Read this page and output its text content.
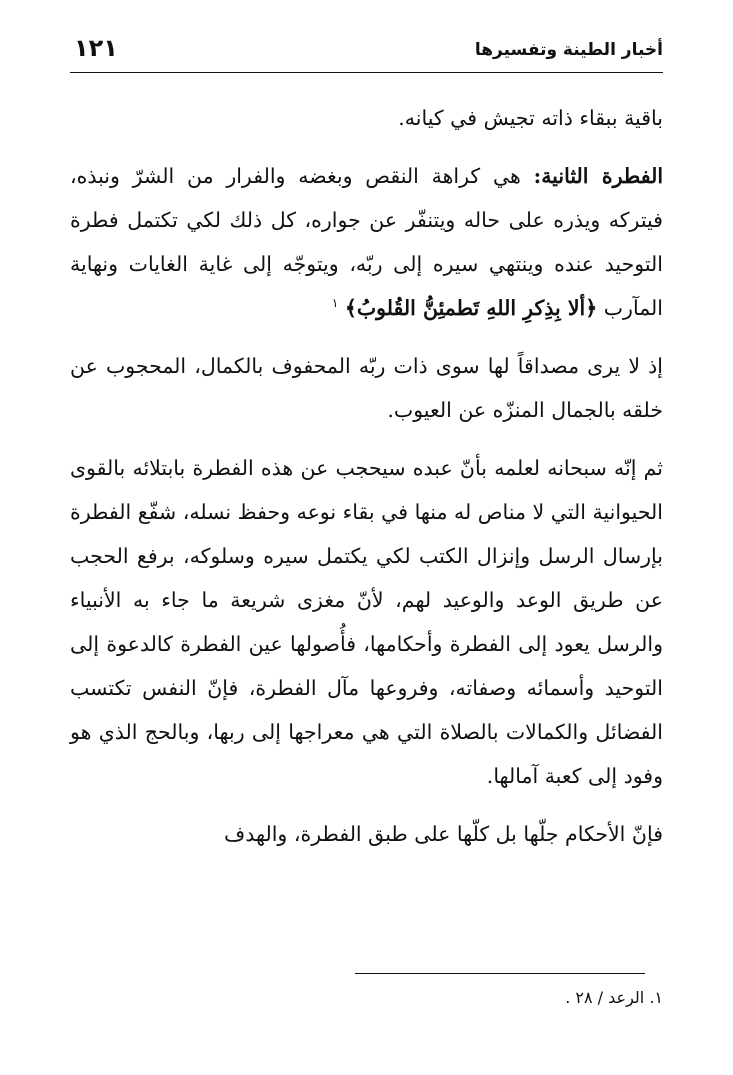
أخبار الطينة وتفسيرها
١٢١

باقية ببقاء ذاته تجيش في كيانه.

الفطرة الثانية: هي كراهة النقص وبغضه والفرار من الشرّ ونبذه، فيتركه ويذره على حاله ويتنفّر عن جواره، كل ذلك لكي تكتمل فطرة التوحيد عنده وينتهي سيره إلى ربّه، ويتوجّه إلى غاية الغايات ونهاية المآرب ﴿ألا بِذِكرِ اللهِ تَطمئِنُّ القُلوبُ﴾ $^١$

إذ لا يرى مصداقاً لها سوى ذات ربّه المحفوف بالكمال، المحجوب عن خلقه بالجمال المنزّه عن العيوب.

ثم إنّه سبحانه لعلمه بأنّ عبده سيحجب عن هذه الفطرة بابتلائه بالقوى الحيوانية التي لا مناص له منها في بقاء نوعه وحفظ نسله، شفّع الفطرة بإرسال الرسل وإنزال الكتب لكي يكتمل سيره وسلوكه، برفع الحجب عن طريق الوعد والوعيد لهم، لأنّ مغزى شريعة ما جاء به الأنبياء والرسل يعود إلى الفطرة وأحكامها، فأُصولها عين الفطرة كالدعوة إلى التوحيد وأسمائه وصفاته، وفروعها مآل الفطرة، فإنّ النفس تكتسب الفضائل والكمالات بالصلاة التي هي معراجها إلى ربها، وبالحج الذي هو وفود إلى كعبة آمالها.

فإنّ الأحكام جلّها بل كلّها على طبق الفطرة، والهدف

١. الرعد / ٢٨ .
